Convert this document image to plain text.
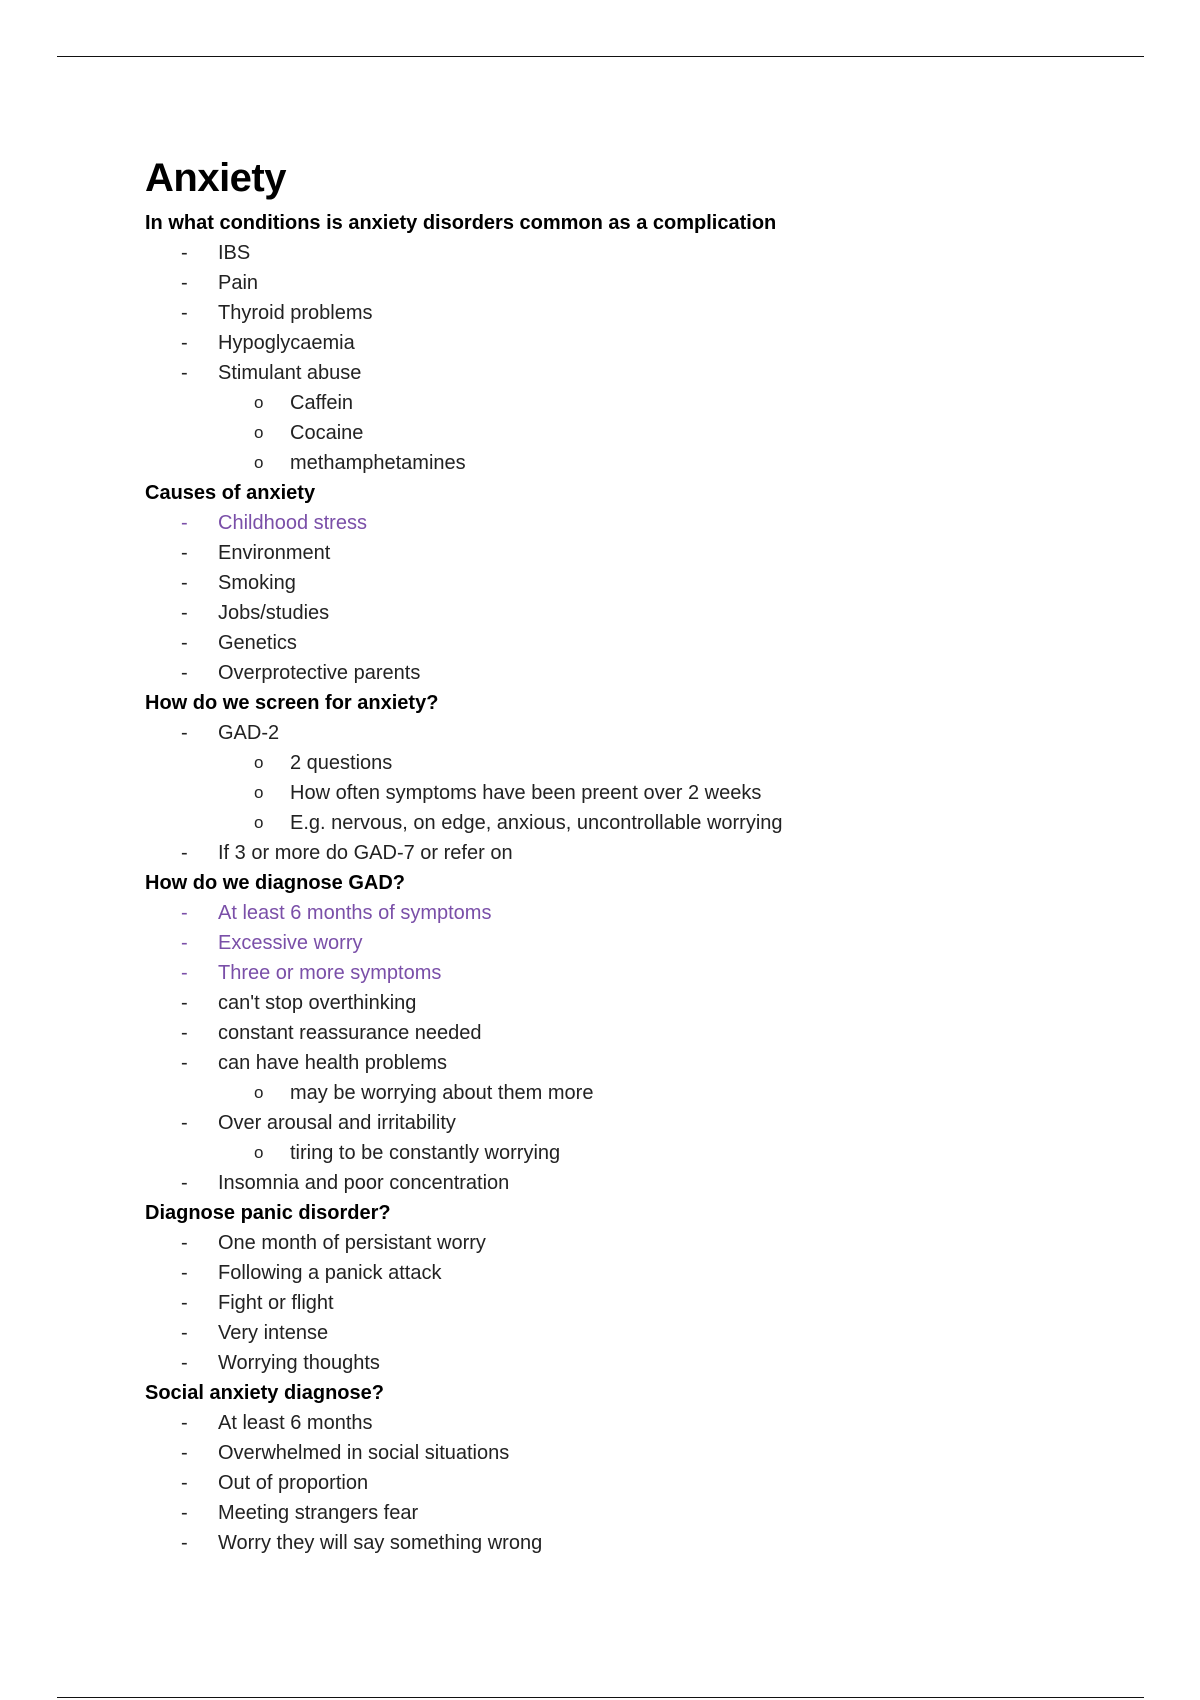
Anxiety
In what conditions is anxiety disorders common as a complication
- IBS
- Pain
- Thyroid problems
- Hypoglycaemia
- Stimulant abuse
o Caffein
o Cocaine
o methamphetamines
Causes of anxiety
- Childhood stress
- Environment
- Smoking
- Jobs/studies
- Genetics
- Overprotective parents
How do we screen for anxiety?
- GAD-2
o 2 questions
o How often symptoms have been preent over 2 weeks
o E.g. nervous, on edge, anxious, uncontrollable worrying
- If 3 or more do GAD-7 or refer on
How do we diagnose GAD?
- At least 6 months of symptoms
- Excessive worry
- Three or more symptoms
- can't stop overthinking
- constant reassurance needed
- can have health problems
o may be worrying about them more
- Over arousal and irritability
o tiring to be constantly worrying
- Insomnia and poor concentration
Diagnose panic disorder?
- One month of persistant worry
- Following a panick attack
- Fight or flight
- Very intense
- Worrying thoughts
Social anxiety diagnose?
- At least 6 months
- Overwhelmed in social situations
- Out of proportion
- Meeting strangers fear
- Worry they will say something wrong
